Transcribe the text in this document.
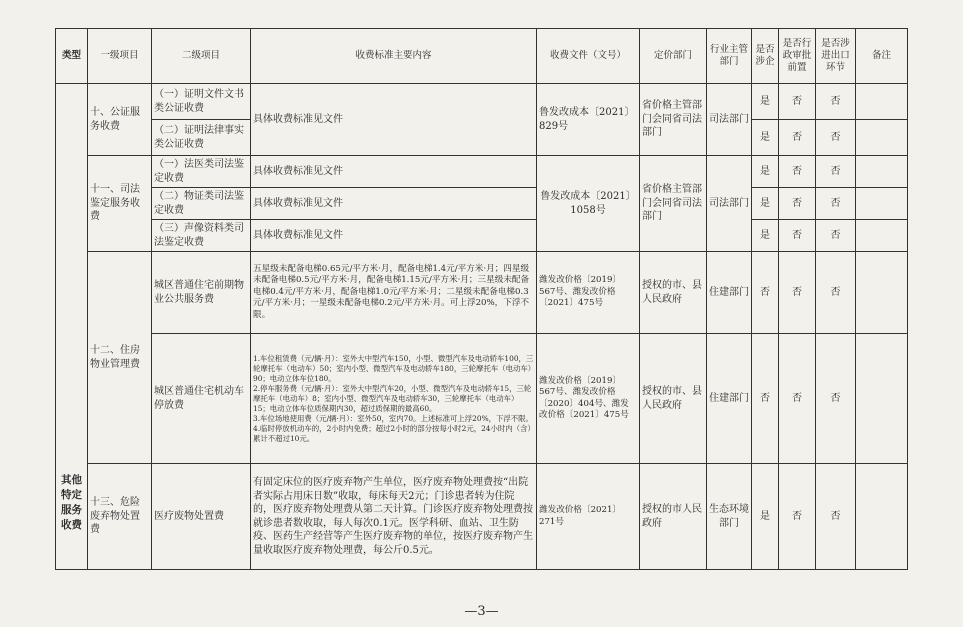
类型	一级项目	二级项目	收费标准主要内容	收费文件（文号）	定价部门	行业主管部门	是否涉企	是否行政审批前置	是否涉进出口环节	备注
其他特定服务收费	十、公证服务收费	（一）证明文件文书类公证收费	具体收费标准见文件	鲁发改成本〔2021〕829号	省价格主管部门会同省司法部门	司法部门	是	否	否	
		（二）证明法律事实类公证收费					是	否	否	
	十一、司法鉴定服务收费	（一）法医类司法鉴定收费	具体收费标准见文件	鲁发改成本〔2021〕1058号	省价格主管部门会同省司法部门	司法部门	是	否	否	
		（二）物证类司法鉴定收费	具体收费标准见文件				是	否	否	
		（三）声像资料类司法鉴定收费	具体收费标准见文件				是	否	否	
	十二、住房物业管理费	城区普通住宅前期物业公共服务费	五星级未配备电梯0.65元/平方米·月，配备电梯1.4元/平方米·月；四星级未配备电梯0.5元/平方米·月，配备电梯1.15元/平方米·月；三星级未配备电梯0.4元/平方米·月，配备电梯1.0元/平方米·月；二星级未配备电梯0.3元/平方米·月；一星级未配备电梯0.2元/平方米·月。可上浮20%，下浮不限。	潍发改价格〔2019〕567号、潍发改价格〔2021〕475号	授权的市、县人民政府	住建部门	否	否	否	
		城区普通住宅机动车停放费	1.车位租赁费（元/辆·月）：室外大中型汽车150，小型、微型汽车及电动轿车100，三轮摩托车（电动车）50；室内小型、微型汽车及电动轿车180，三轮摩托车（电动车）90；电动立体车位180。
2.停车服务费（元/辆·月）：室外大中型汽车20，小型、微型汽车及电动轿车15，三轮摩托车（电动车）8；室内小型、微型汽车及电动轿车30，三轮摩托车（电动车）15；电动立体车位质保期内30，超过质保期的最高60。
3.车位场地使用费（元/辆·月）：室外50，室内70。上述标准可上浮20%，下浮不限。
4.临时停放机动车的，2小时内免费；超过2小时的部分按每小时2元，24小时内（含）累计不超过10元。	潍发改价格〔2019〕567号、潍发改价格〔2020〕404号、潍发改价格〔2021〕475号	授权的市、县人民政府	住建部门	否	否	否	
	十三、危险废弃物处置费	医疗废物处置费	有固定床位的医疗废弃物产生单位，医疗废弃物处理费按“出院者实际占用床日数”收取，每床每天2元；门诊患者转为住院的，医疗废弃物处理费从第二天计算。门诊医疗废弃物处理费按就诊患者数收取，每人每次0.1元。医学科研、血站、卫生防疫、医药生产经营等产生医疗废弃物的单位，按医疗废弃物产生量收取医疗废弃物处理费，每公斤0.5元。	潍发改价格〔2021〕271号	授权的市人民政府	生态环境部门	是	否	否	
—3—
